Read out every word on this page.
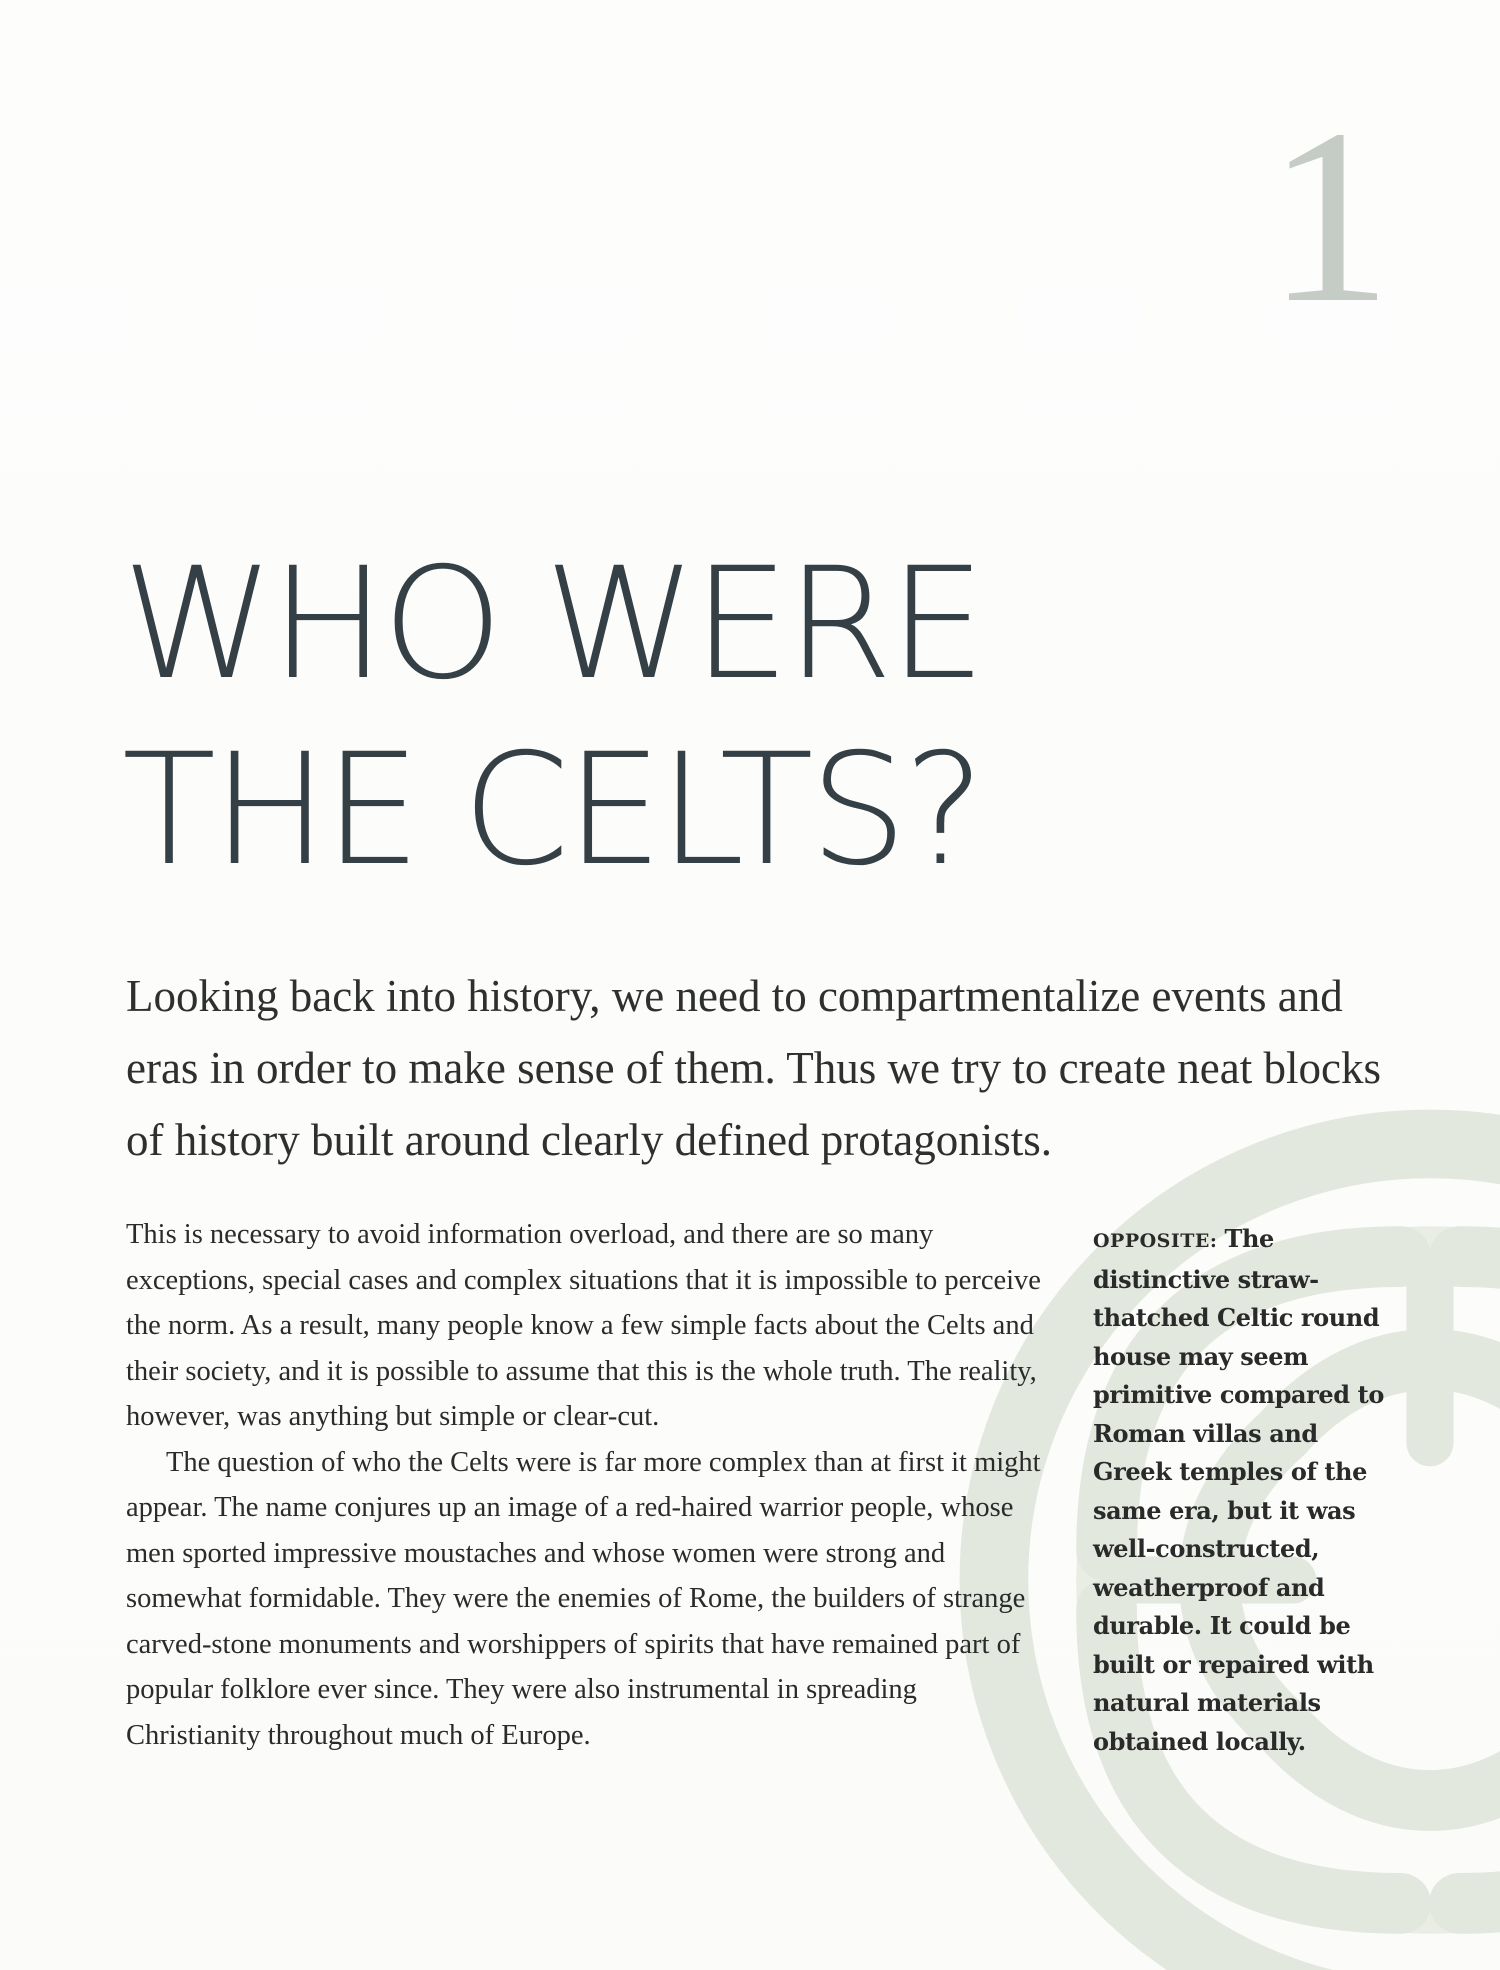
1
WHO WERE
THE CELTS?

Looking back into history, we need to compartmentalize events and eras in order to make sense of them. Thus we try to create neat blocks of history built around clearly defined protagonists.

This is necessary to avoid information overload, and there are so many exceptions, special cases and complex situations that it is impossible to perceive the norm. As a result, many people know a few simple facts about the Celts and their society, and it is possible to assume that this is the whole truth. The reality, however, was anything but simple or clear-cut.

The question of who the Celts were is far more complex than at first it might appear. The name conjures up an image of a red-haired warrior people, whose men sported impressive moustaches and whose women were strong and somewhat formidable. They were the enemies of Rome, the builders of strange carved-stone monuments and worshippers of spirits that have remained part of popular folklore ever since. They were also instrumental in spreading Christianity throughout much of Europe.

OPPOSITE: The distinctive straw-thatched Celtic round house may seem primitive compared to Roman villas and Greek temples of the same era, but it was well-constructed, weatherproof and durable. It could be built or repaired with natural materials obtained locally.
